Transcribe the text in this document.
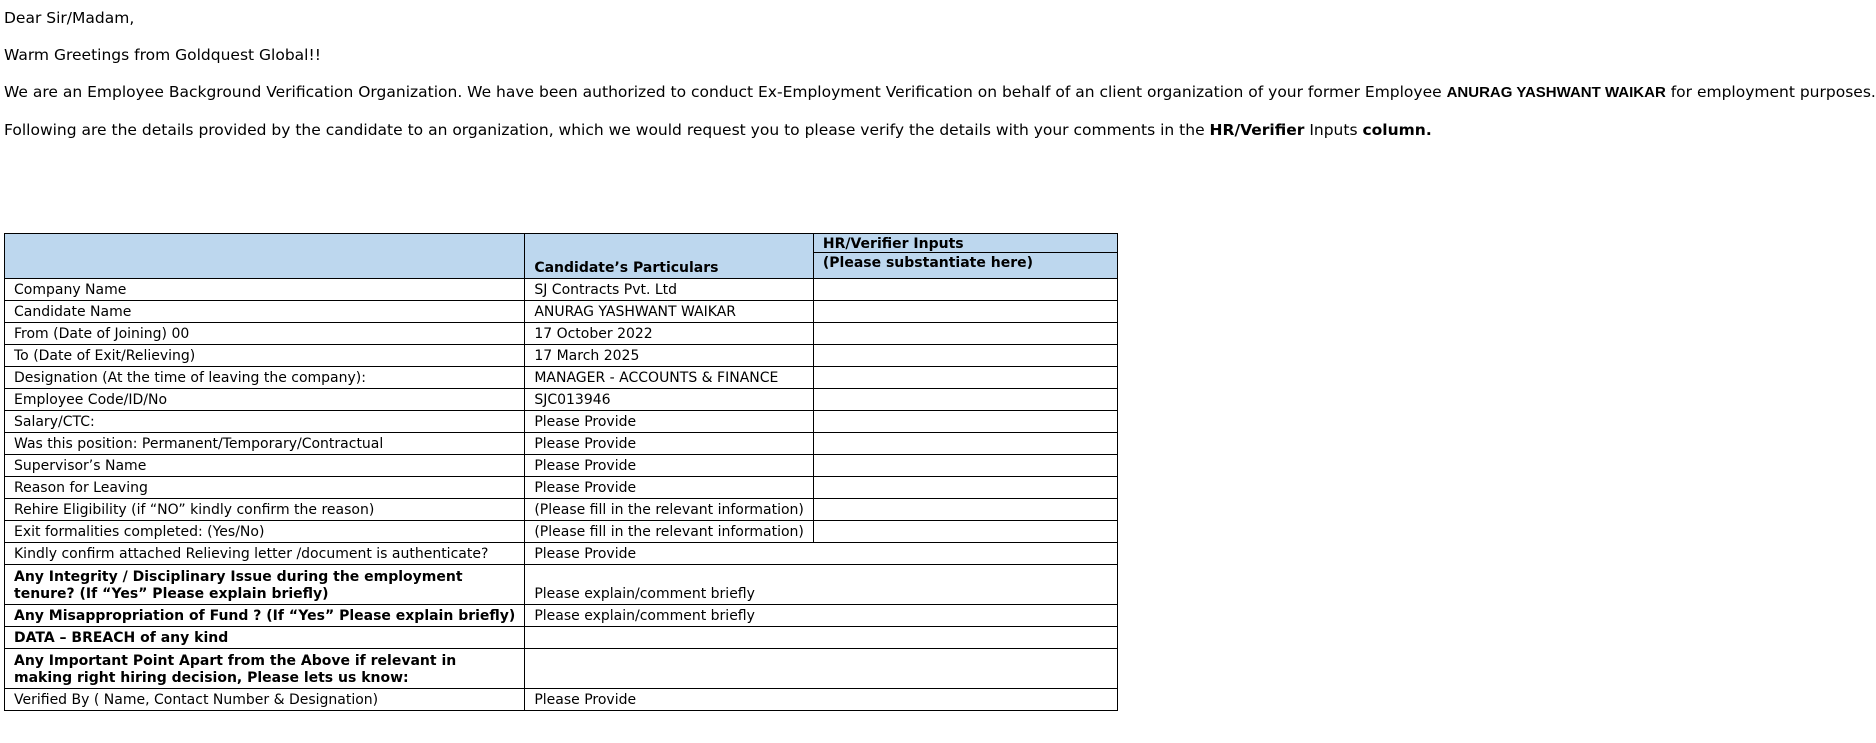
Dear Sir/Madam,

Warm Greetings from Goldquest Global!!

We are an Employee Background Verification Organization. We have been authorized to conduct Ex-Employment Verification on behalf of an client organization of your former Employee ANURAG YASHWANT WAIKAR for employment purposes.

Following are the details provided by the candidate to an organization, which we would request you to please verify the details with your comments in the HR/Verifier Inputs column.

	Candidate’s Particulars	HR/Verifier Inputs
(Please substantiate here)

Company Name	SJ Contracts Pvt. Ltd	
Candidate Name	ANURAG YASHWANT WAIKAR	
From (Date of Joining) 00	17 October 2022	
To (Date of Exit/Relieving)	17 March 2025	
Designation (At the time of leaving the company):	MANAGER - ACCOUNTS & FINANCE	
Employee Code/ID/No	SJC013946	
Salary/CTC:	Please Provide	
Was this position: Permanent/Temporary/Contractual	Please Provide	
Supervisor’s Name	Please Provide	
Reason for Leaving	Please Provide	
Rehire Eligibility (if “NO” kindly confirm the reason)	(Please fill in the relevant information)	
Exit formalities completed: (Yes/No)	(Please fill in the relevant information)	
Kindly confirm attached Relieving letter /document is authenticate?	Please Provide	
Any Integrity / Disciplinary Issue during the employment tenure? (If “Yes” Please explain briefly)	Please explain/comment briefly	
Any Misappropriation of Fund ? (If “Yes” Please explain briefly)	Please explain/comment briefly	
DATA – BREACH of any kind		
Any Important Point Apart from the Above if relevant in making right hiring decision, Please lets us know:		
Verified By ( Name, Contact Number & Designation)	Please Provide	
